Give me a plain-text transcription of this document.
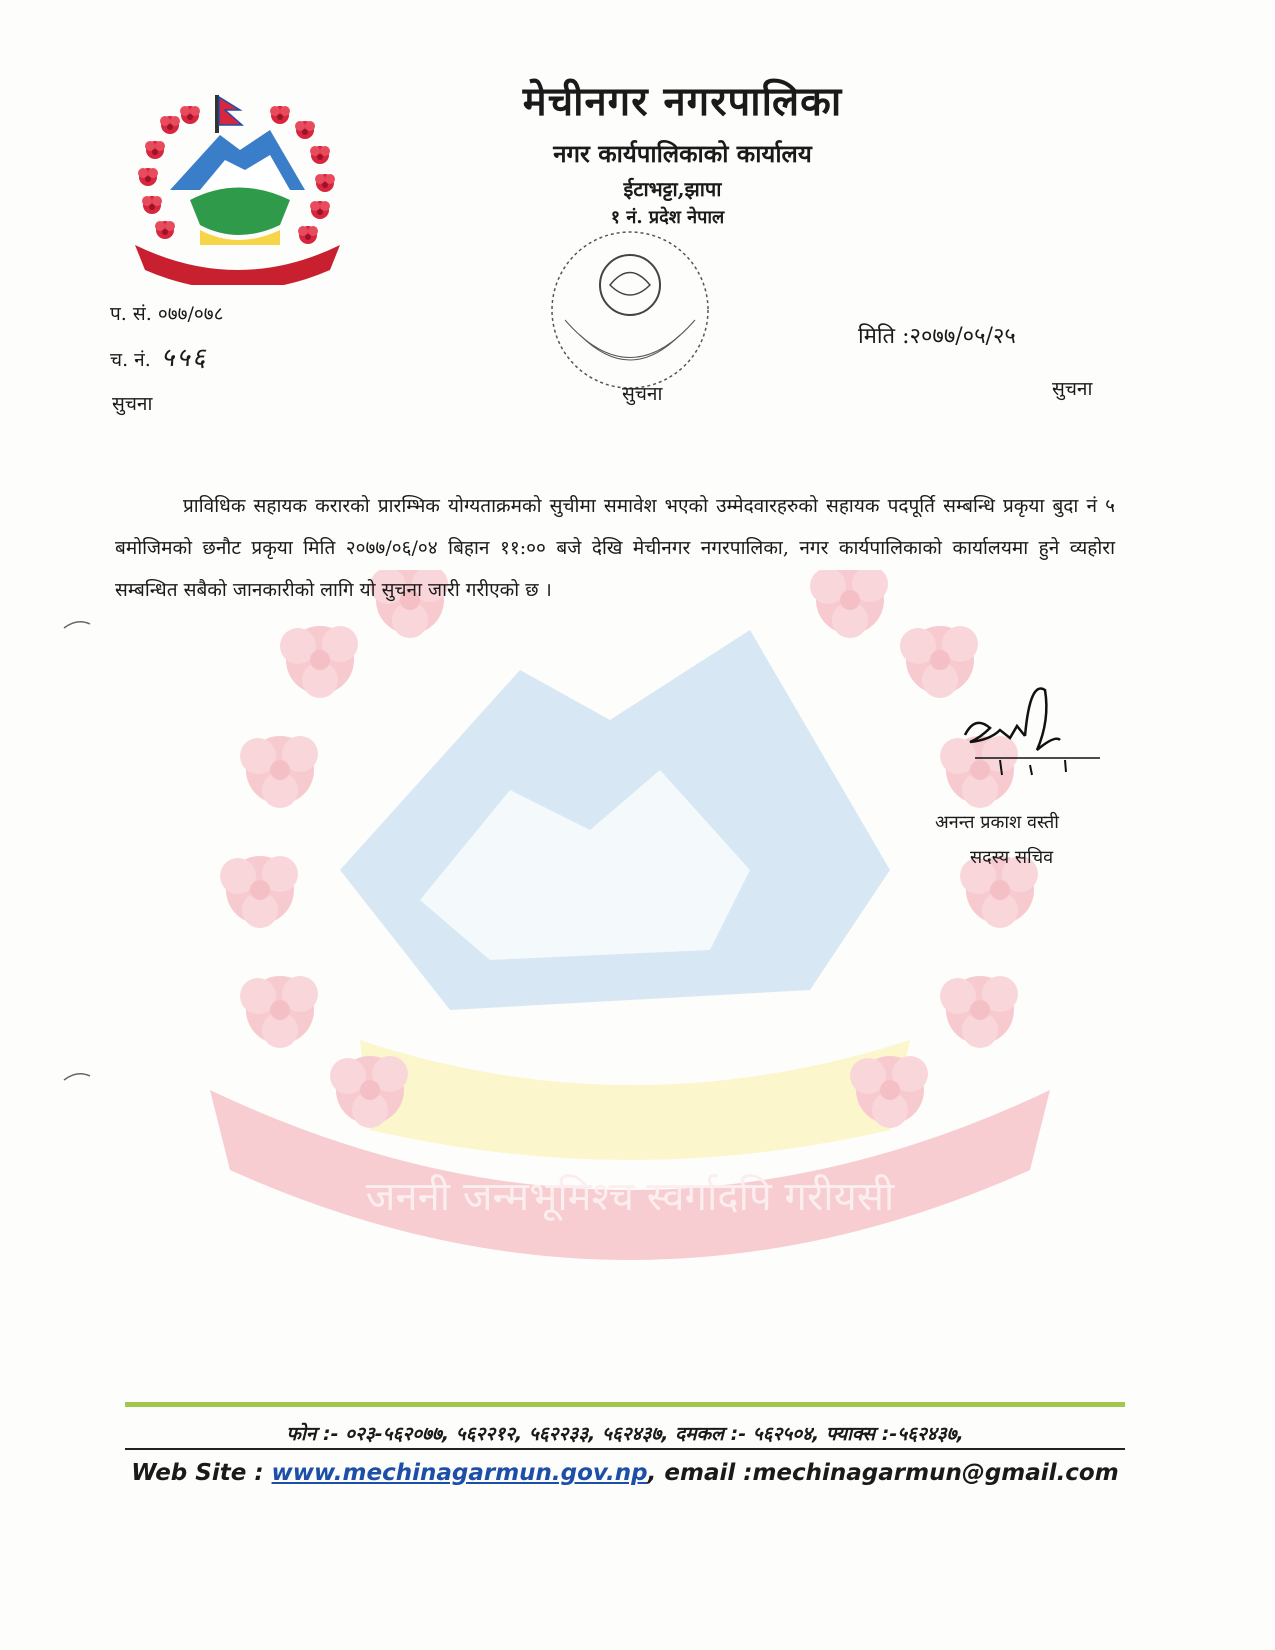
जननी जन्मभूमिश्च स्वर्गादपि गरीयसी
मेचीनगर नगरपालिका
नगर कार्यपालिकाको कार्यालय
ईटाभट्टा,झापा
१ नं. प्रदेश नेपाल
प. सं. ०७७/०७८
च. नं. ५५६
मिति :२०७७/०५/२५
सुचना	सुचना	सुचना
प्राविधिक सहायक करारको प्रारम्भिक योग्यताक्रमको सुचीमा समावेश भएको उम्मेदवारहरुको सहायक पदपूर्ति सम्बन्धि प्रकृया बुदा नं ५ बमोजिमको छनौट प्रकृया मिति २०७७/०६/०४ बिहान ११:०० बजे देखि मेचीनगर नगरपालिका, नगर कार्यपालिकाको कार्यालयमा हुने व्यहोरा सम्बन्धित सबैको जानकारीको लागि यो सुचना जारी गरीएको छ ।
अनन्त प्रकाश वस्ती
सदस्य सचिव
फोन :- ०२३-५६२०७७, ५६२२१२, ५६२२३३, ५६२४३७, दमकल :- ५६२५०४, फ्याक्स :-५६२४३७,
Web Site : www.mechinagarmun.gov.np, email :mechinagarmun@gmail.com
